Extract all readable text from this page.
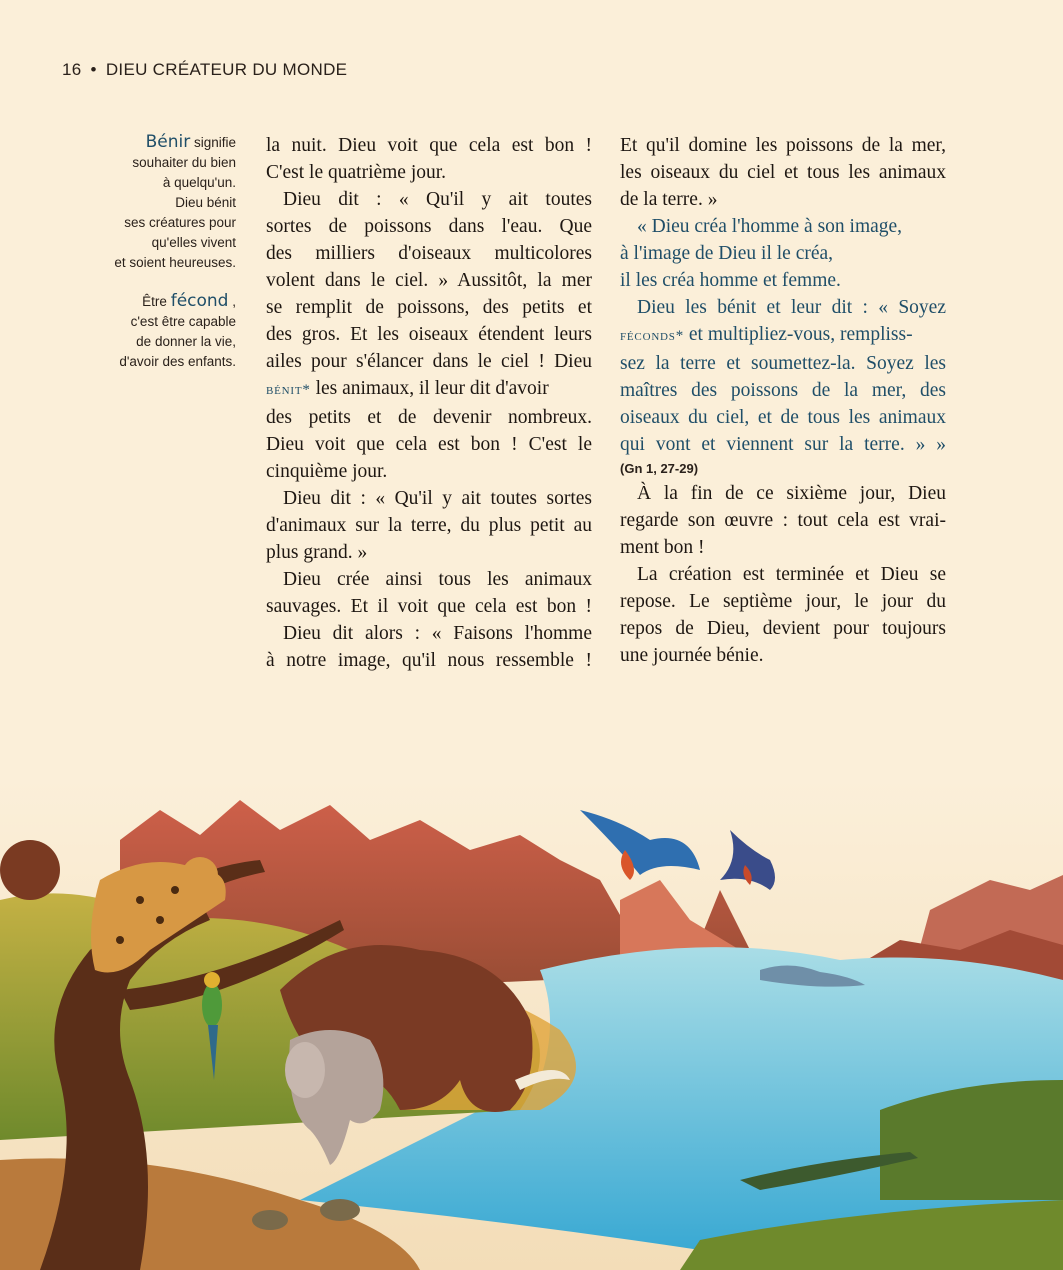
16 • DIEU CRÉATEUR DU MONDE
Bénir signifie
souhaiter du bien
à quelqu'un.
Dieu bénit
ses créatures pour
qu'elles vivent
et soient heureuses.
Être fécond ,
c'est être capable
de donner la vie,
d'avoir des enfants.
la nuit. Dieu voit que cela est bon !
C'est le quatrième jour.
Dieu dit : « Qu'il y ait toutes
sortes de poissons dans l'eau. Que
des milliers d'oiseaux multicolores
volent dans le ciel. » Aussitôt, la mer
se remplit de poissons, des petits et
des gros. Et les oiseaux étendent leurs
ailes pour s'élancer dans le ciel ! Dieu
bénit* les animaux, il leur dit d'avoir
des petits et de devenir nombreux.
Dieu voit que cela est bon ! C'est le
cinquième jour.
Dieu dit : « Qu'il y ait toutes sortes
d'animaux sur la terre, du plus petit au
plus grand. »
Dieu crée ainsi tous les animaux
sauvages. Et il voit que cela est bon !
Dieu dit alors : « Faisons l'homme
à notre image, qu'il nous ressemble !
Et qu'il domine les poissons de la mer,
les oiseaux du ciel et tous les animaux
de la terre. »
« Dieu créa l'homme à son image,
à l'image de Dieu il le créa,
il les créa homme et femme.
Dieu les bénit et leur dit : « Soyez
féconds* et multipliez-vous, rempliss-
sez la terre et soumettez-la. Soyez les
maîtres des poissons de la mer, des
oiseaux du ciel, et de tous les animaux
qui vont et viennent sur la terre. » »
(Gn 1, 27-29)
À la fin de ce sixième jour, Dieu
regarde son œuvre : tout cela est vrai-
ment bon !
La création est terminée et Dieu se
repose. Le septième jour, le jour du
repos de Dieu, devient pour toujours
une journée bénie.
